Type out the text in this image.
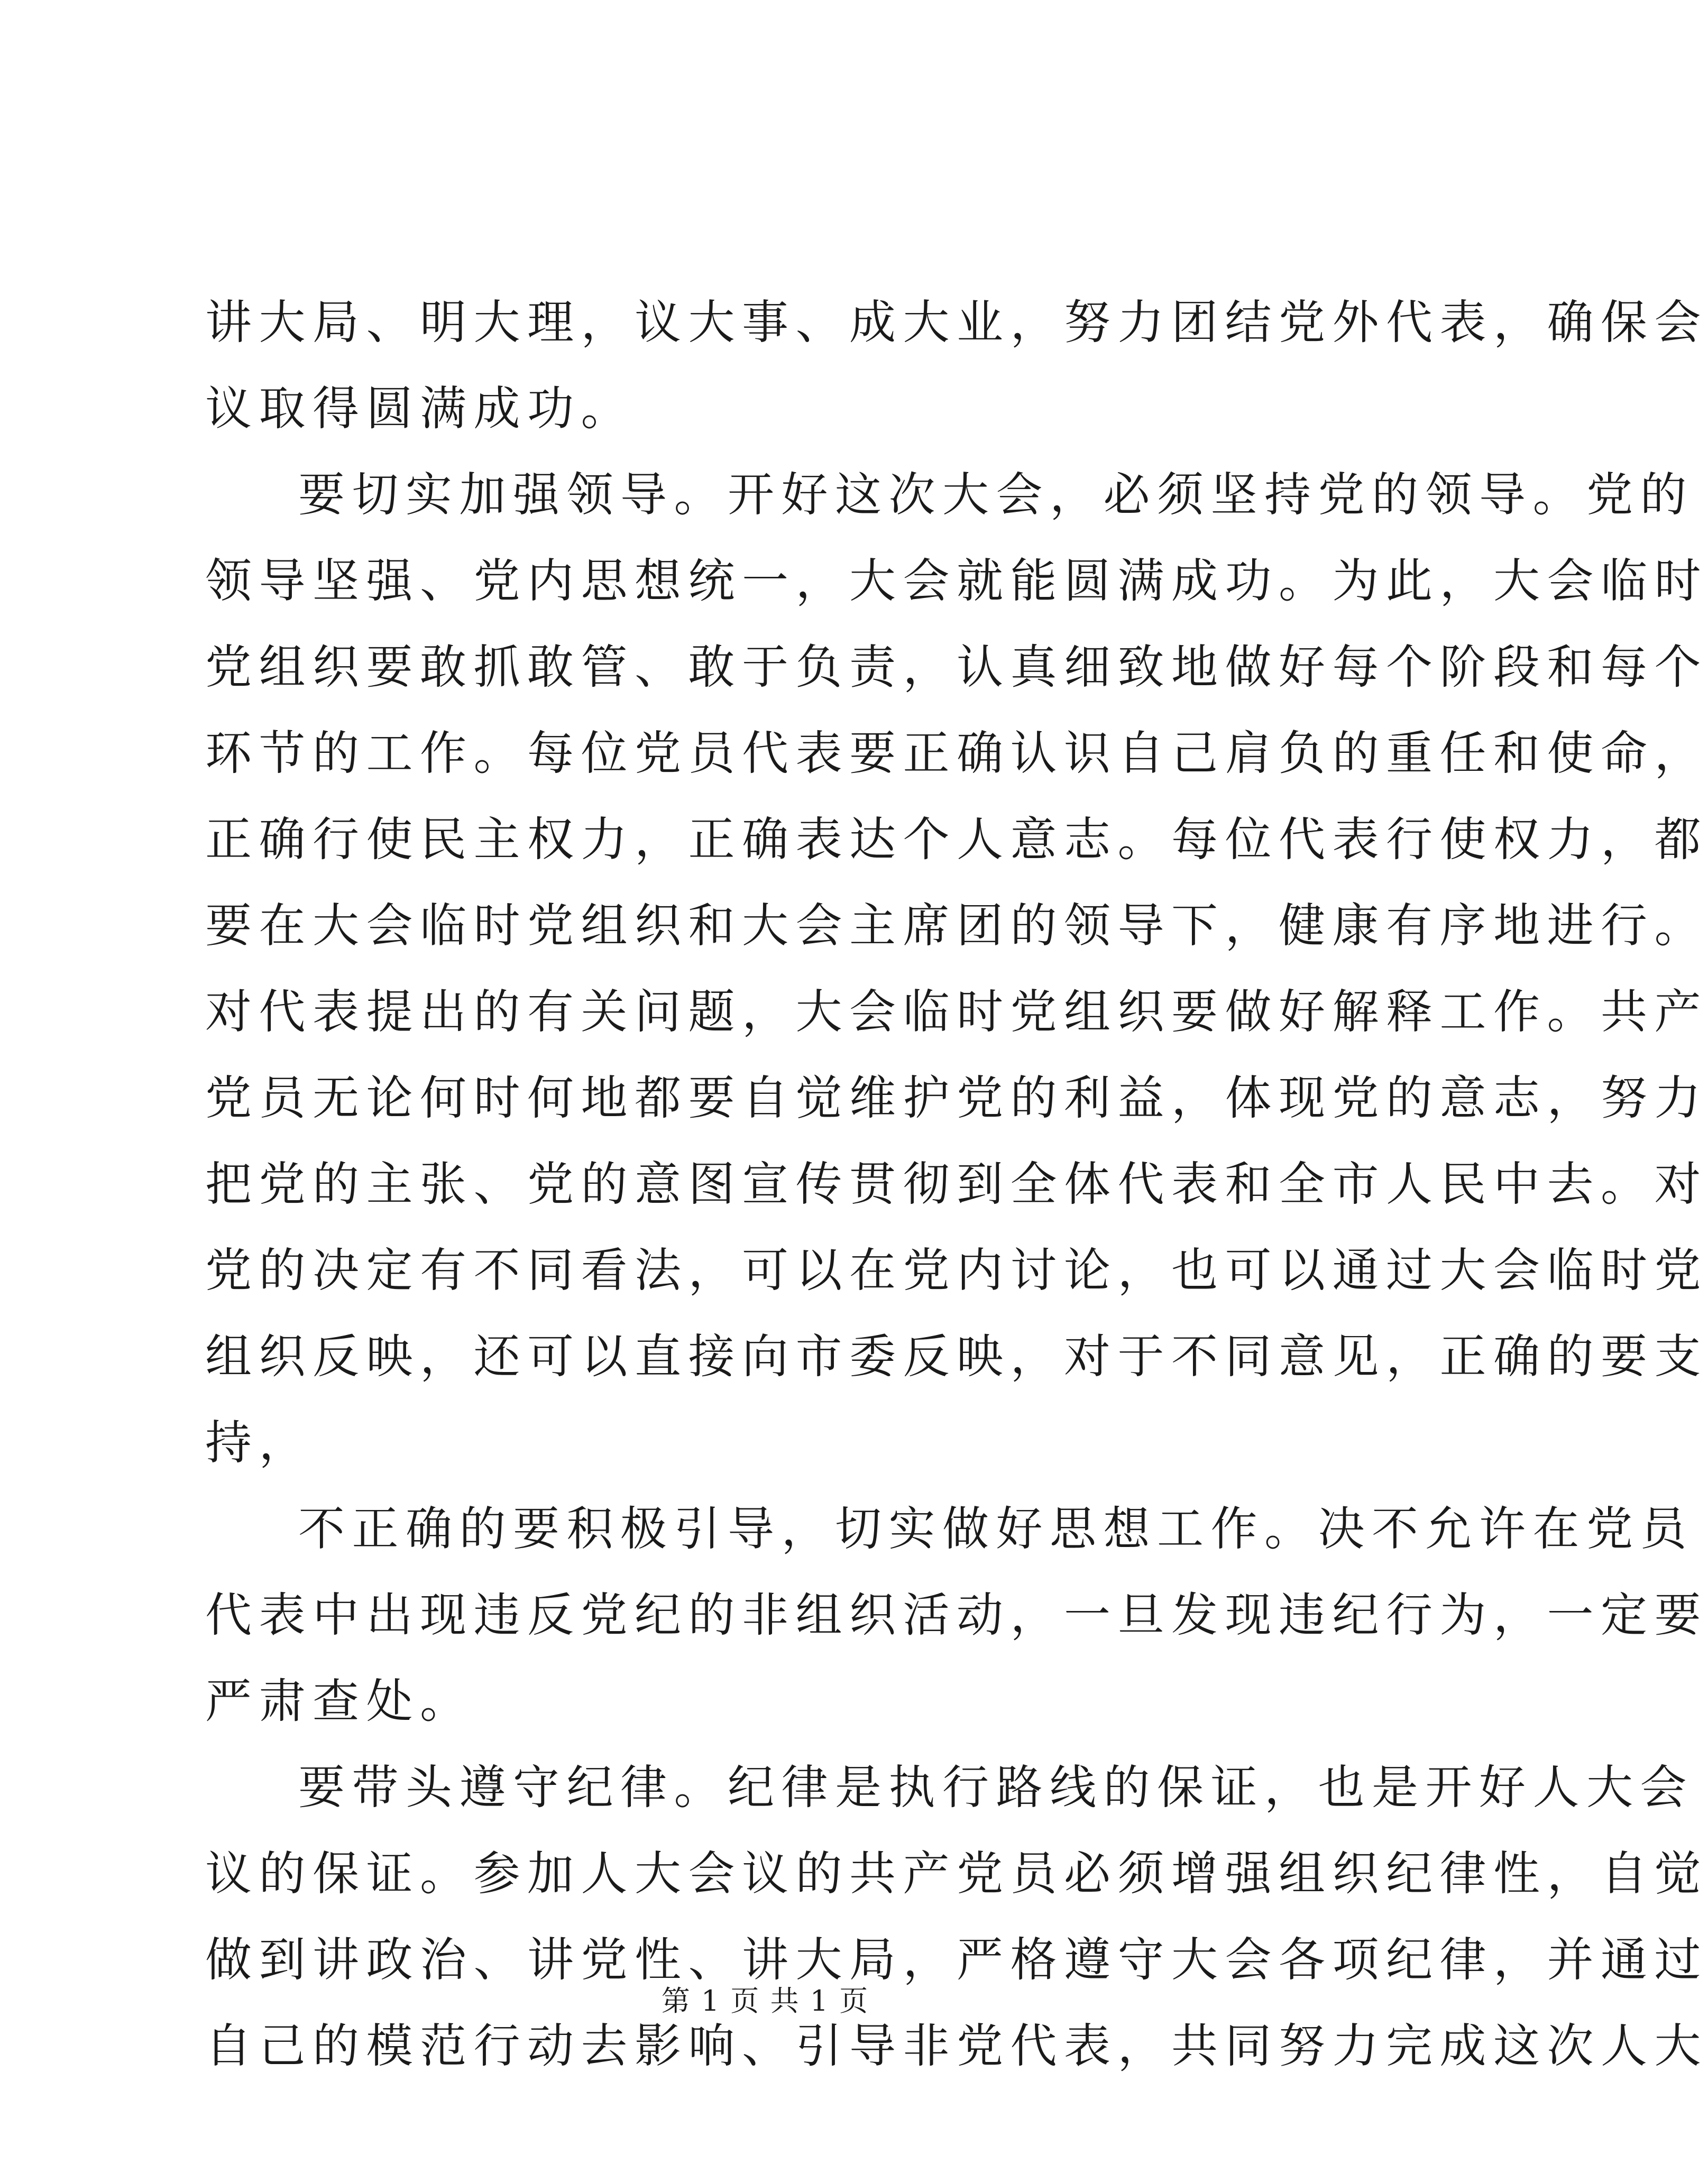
讲大局、明大理，议大事、成大业，努力团结党外代表，确保会
议取得圆满成功。
要切实加强领导。开好这次大会，必须坚持党的领导。党的
领导坚强、党内思想统一，大会就能圆满成功。为此，大会临时
党组织要敢抓敢管、敢于负责，认真细致地做好每个阶段和每个
环节的工作。每位党员代表要正确认识自己肩负的重任和使命，
正确行使民主权力，正确表达个人意志。每位代表行使权力，都
要在大会临时党组织和大会主席团的领导下，健康有序地进行。
对代表提出的有关问题，大会临时党组织要做好解释工作。共产
党员无论何时何地都要自觉维护党的利益，体现党的意志，努力
把党的主张、党的意图宣传贯彻到全体代表和全市人民中去。对
党的决定有不同看法，可以在党内讨论，也可以通过大会临时党
组织反映，还可以直接向市委反映，对于不同意见，正确的要支
持，
不正确的要积极引导，切实做好思想工作。决不允许在党员
代表中出现违反党纪的非组织活动，一旦发现违纪行为，一定要
严肃查处。
要带头遵守纪律。纪律是执行路线的保证，也是开好人大会
议的保证。参加人大会议的共产党员必须增强组织纪律性，自觉
做到讲政治、讲党性、讲大局，严格遵守大会各项纪律，并通过
自己的模范行动去影响、引导非党代表，共同努力完成这次人大
第 1 页 共 1 页
